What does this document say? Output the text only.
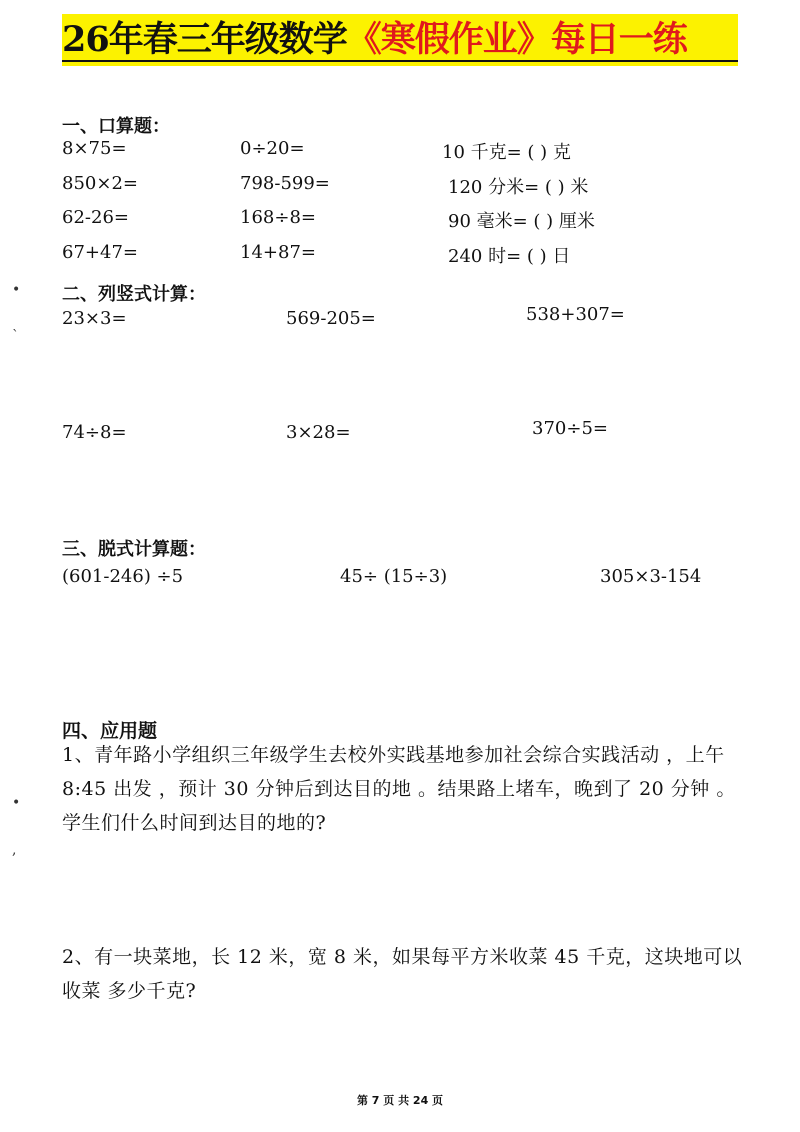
26年春三年级数学《寒假作业》每日一练
一、口算题：
8×75=	0÷20=	10 千克= ( ) 克
850×2=	798-599=	120 分米= ( ) 米
62-26=	168÷8=	90 毫米= ( ) 厘米
67+47=	14+87=	240 时= ( ) 日
•
ˋ
二、列竖式计算：
23×3=	569-205=	538+307=
74÷8=	3×28=	370÷5=
三、脱式计算题：
(601-246) ÷5	45÷ (15÷3)	305×3-154
四、应用题
1、青年路小学组织三年级学生去校外实践基地参加社会综合实践活动 ，上午 8:45 出发 ，预计 30 分钟后到达目的地 。结果路上堵车，晚到了 20 分钟 。学生们什么时间到达目的地的?
•
,
2、有一块菜地，长 12 米，宽 8 米，如果每平方米收菜 45 千克，这块地可以收菜 多少千克?
第 7 页 共 24 页
